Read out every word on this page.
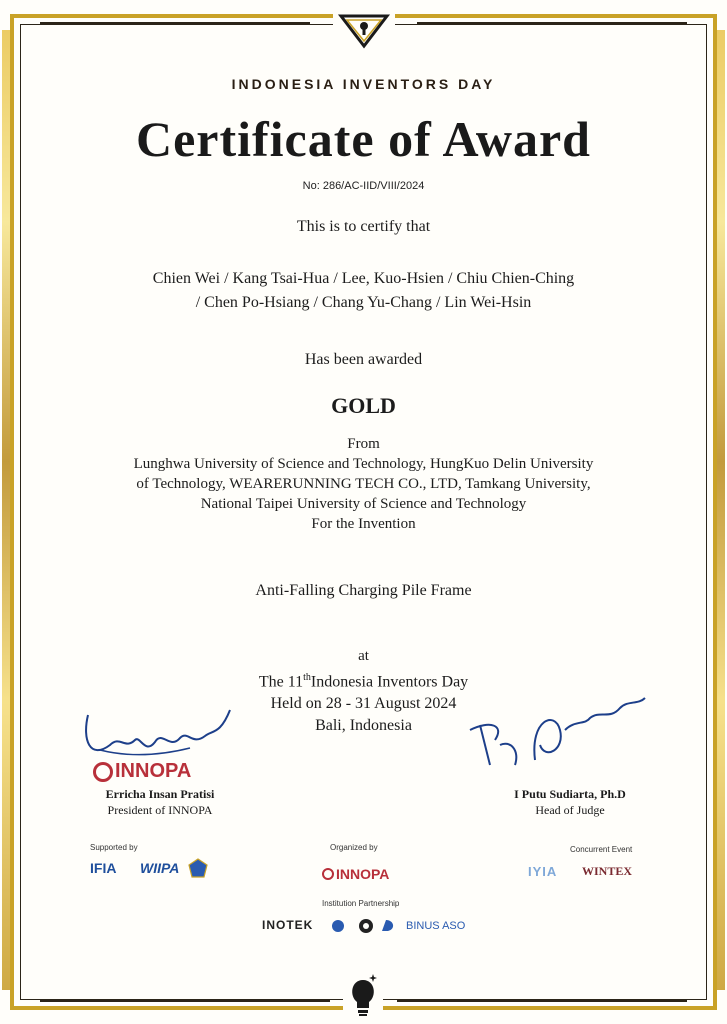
INDONESIA INVENTORS DAY
Certificate of Award
No: 286/AC-IID/VIII/2024
This is to certify that
Chien Wei / Kang Tsai-Hua / Lee, Kuo-Hsien / Chiu Chien-Ching
/ Chen Po-Hsiang / Chang Yu-Chang / Lin Wei-Hsin
Has been awarded
GOLD
From
Lunghwa University of Science and Technology, HungKuo Delin University
of Technology, WEARERUNNING TECH CO., LTD, Tamkang University,
National Taipei University of Science and Technology
For the Invention
Anti-Falling Charging Pile Frame
at
The 11thIndonesia Inventors Day
Held on 28 - 31 August 2024
Bali, Indonesia
INNOPA
Erricha Insan Pratisi
President of INNOPA
I Putu Sudiarta, Ph.D
Head of Judge
Supported by
IFIA WIIPA
Organized by
INNOPA
Concurrent Event
IYIA WINTEX
Institution Partnership
INOTEK	BINUS ASO
